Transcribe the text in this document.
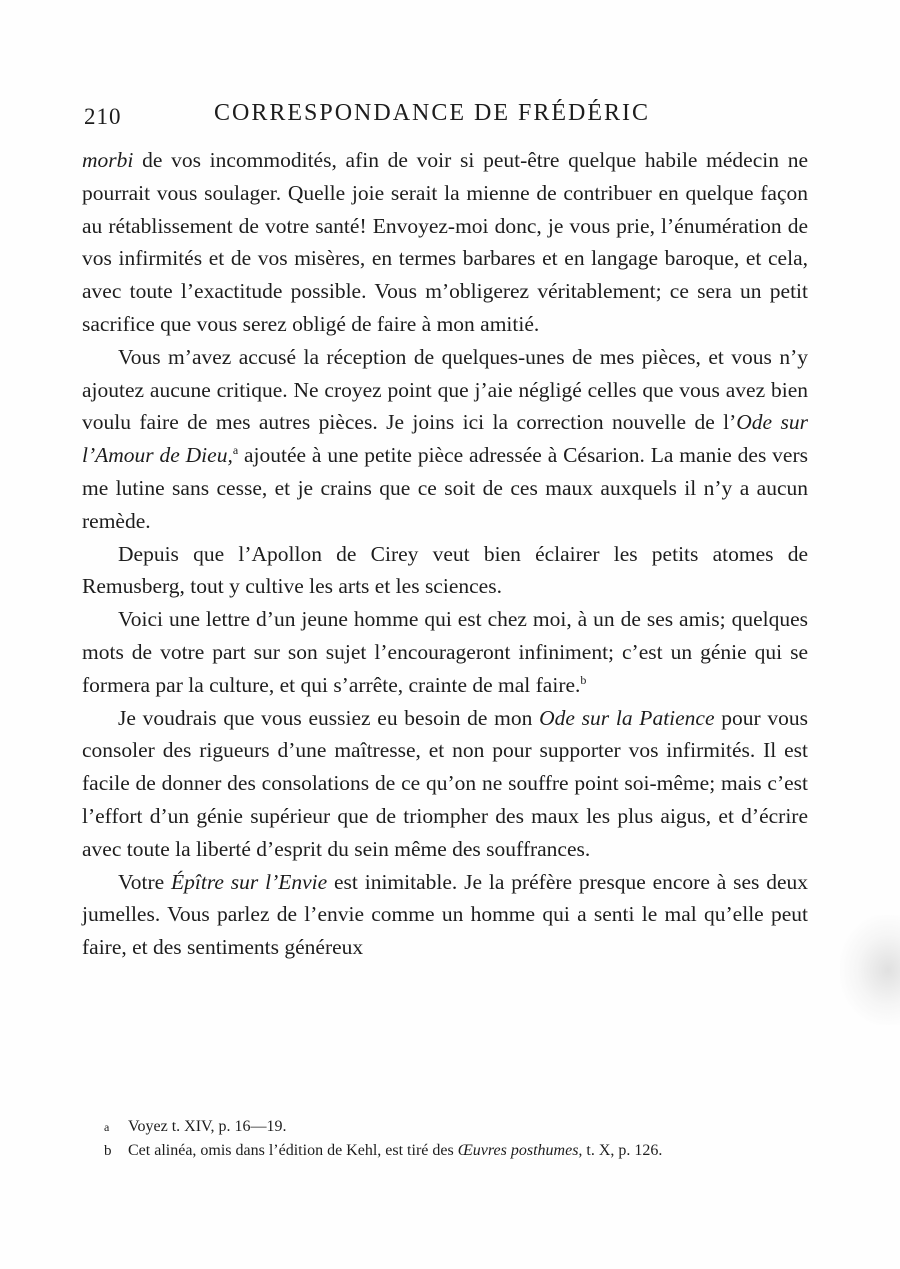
210	CORRESPONDANCE DE FRÉDÉRIC

morbi de vos incommodités, afin de voir si peut-être quelque habile médecin ne pourrait vous soulager. Quelle joie serait la mienne de contribuer en quelque façon au rétablissement de votre santé! Envoyez-moi donc, je vous prie, l’énumération de vos infirmités et de vos misères, en termes barbares et en langage baroque, et cela, avec toute l’exactitude possible. Vous m’obligerez véritablement; ce sera un petit sacrifice que vous serez obligé de faire à mon amitié.

Vous m’avez accusé la réception de quelques-unes de mes pièces, et vous n’y ajoutez aucune critique. Ne croyez point que j’aie négligé celles que vous avez bien voulu faire de mes autres pièces. Je joins ici la correction nouvelle de l’Ode sur l’Amour de Dieu,$^a$ ajoutée à une petite pièce adressée à Césarion. La manie des vers me lutine sans cesse, et je crains que ce soit de ces maux auxquels il n’y a aucun remède.

Depuis que l’Apollon de Cirey veut bien éclairer les petits atomes de Remusberg, tout y cultive les arts et les sciences.

Voici une lettre d’un jeune homme qui est chez moi, à un de ses amis; quelques mots de votre part sur son sujet l’encourageront infiniment; c’est un génie qui se formera par la culture, et qui s’arrête, crainte de mal faire.$^b$

Je voudrais que vous eussiez eu besoin de mon Ode sur la Patience pour vous consoler des rigueurs d’une maîtresse, et non pour supporter vos infirmités. Il est facile de donner des consolations de ce qu’on ne souffre point soi-même; mais c’est l’effort d’un génie supérieur que de triompher des maux les plus aigus, et d’écrire avec toute la liberté d’esprit du sein même des souffrances.

Votre Épître sur l’Envie est inimitable. Je la préfère presque encore à ses deux jumelles. Vous parlez de l’envie comme un homme qui a senti le mal qu’elle peut faire, et des sentiments généreux

a Voyez t. XIV, p. 16—19.
b Cet alinéa, omis dans l’édition de Kehl, est tiré des Œuvres posthumes, t. X, p. 126.
